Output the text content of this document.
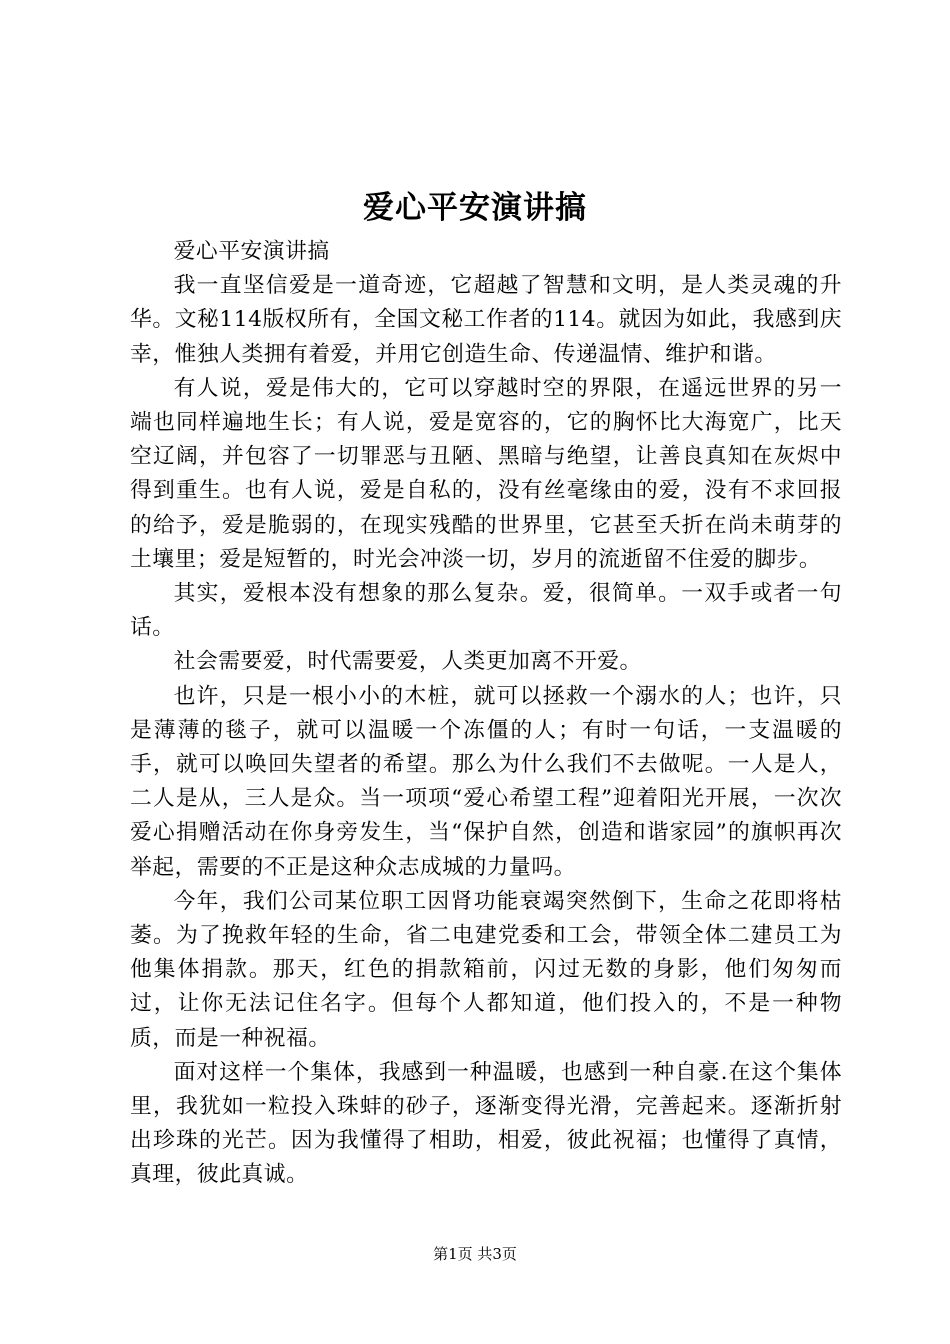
爱心平安演讲搞

爱心平安演讲搞

我一直坚信爱是一道奇迹，它超越了智慧和文明，是人类灵魂的升华。文秘114版权所有，全国文秘工作者的114。就因为如此，我感到庆幸，惟独人类拥有着爱，并用它创造生命、传递温情、维护和谐。

有人说，爱是伟大的，它可以穿越时空的界限，在遥远世界的另一端也同样遍地生长；有人说，爱是宽容的，它的胸怀比大海宽广，比天空辽阔，并包容了一切罪恶与丑陋、黑暗与绝望，让善良真知在灰烬中得到重生。也有人说，爱是自私的，没有丝毫缘由的爱，没有不求回报的给予，爱是脆弱的，在现实残酷的世界里，它甚至夭折在尚未萌芽的土壤里；爱是短暂的，时光会冲淡一切，岁月的流逝留不住爱的脚步。

其实，爱根本没有想象的那么复杂。爱，很简单。一双手或者一句话。

社会需要爱，时代需要爱，人类更加离不开爱。

也许，只是一根小小的木桩，就可以拯救一个溺水的人；也许，只是薄薄的毯子，就可以温暖一个冻僵的人；有时一句话，一支温暖的手，就可以唤回失望者的希望。那么为什么我们不去做呢。一人是人，二人是从，三人是众。当一项项“爱心希望工程”迎着阳光开展，一次次爱心捐赠活动在你身旁发生，当“保护自然，创造和谐家园”的旗帜再次举起，需要的不正是这种众志成城的力量吗。

今年，我们公司某位职工因肾功能衰竭突然倒下，生命之花即将枯萎。为了挽救年轻的生命，省二电建党委和工会，带领全体二建员工为他集体捐款。那天，红色的捐款箱前，闪过无数的身影，他们匆匆而过，让你无法记住名字。但每个人都知道，他们投入的，不是一种物质，而是一种祝福。

面对这样一个集体，我感到一种温暖，也感到一种自豪.在这个集体里，我犹如一粒投入珠蚌的砂子，逐渐变得光滑，完善起来。逐渐折射出珍珠的光芒。因为我懂得了相助，相爱，彼此祝福；也懂得了真情，真理，彼此真诚。

第1页 共3页
